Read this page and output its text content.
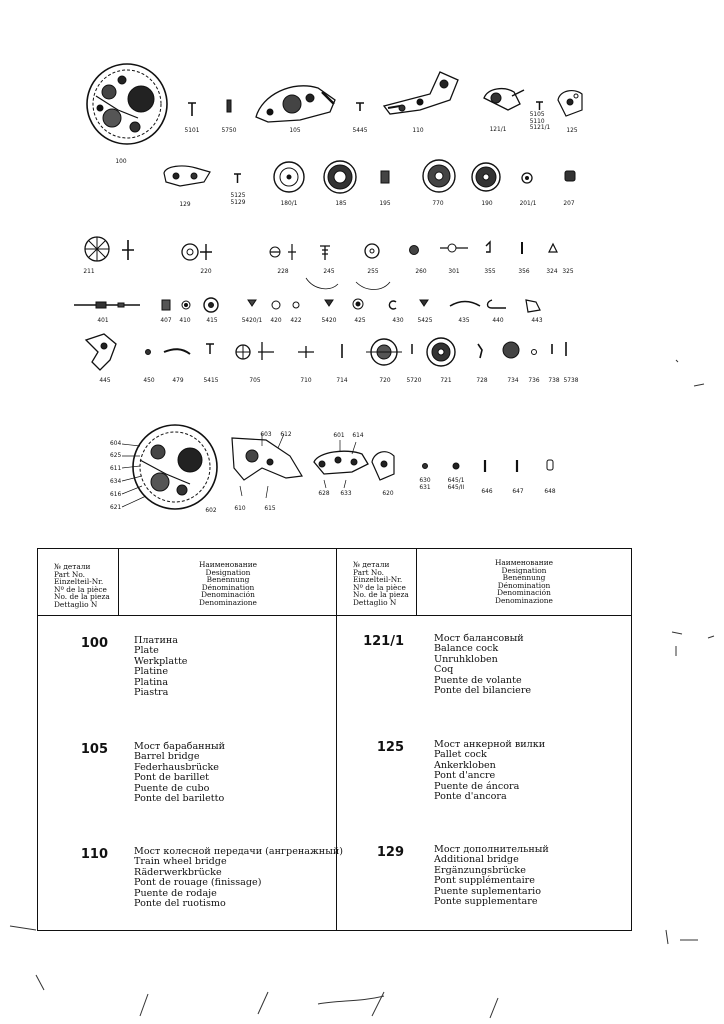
100
5101	5750	105	5445	110	121/1
5105
5110
5121/1 125
129
5125
5129	180/1	185	195	770	190	201/1	207
211	220	228	245	255	260	301	355	356	324 325
401	407 410 415	5420/1 420 422	5420	425	430 5425	435	440	443
445	450	479	5415	705	710	714	720 5720	721	728	734 736 738 5738
604
625
611
634
616
621	602
603 612
610	615
601 614
628 633	620
630
631
645/1
645/II
646	647	648
№ детали
Part No.
Einzelteil-Nr.
Nº de la pièce
No. de la pieza
Dettaglio N
Наименование
Designation
Benennung
Dénomination
Denominación
Denominazione
№ детали
Part No.
Einzelteil-Nr.
Nº de la pièce
No. de la pieza
Dettaglio N
Наименование
Designation
Benennung
Dénomination
Denominación
Denominazione
100	Платина
Plate
Werkplatte
Platine
Platina
Piastra
105	Мост барабанный
Barrel bridge
Federhausbrücke
Pont de barillet
Puente de cubo
Ponte del bariletto
110	Мост колесной передачи (ангренажный)
Train wheel bridge
Räderwerkbrücke
Pont de rouage (finissage)
Puente de rodaje
Ponte del ruotismo
121/1	Мост балансовый
Balance cock
Unruhkloben
Coq
Puente de volante
Ponte del bilanciere
125	Мост анкерной вилки
Pallet cock
Ankerkloben
Pont d'ancre
Puente de áncora
Ponte d'ancora
129	Мост дополнительный
Additional bridge
Ergänzungsbrücke
Pont supplémentaire
Puente suplementario
Ponte supplementare
